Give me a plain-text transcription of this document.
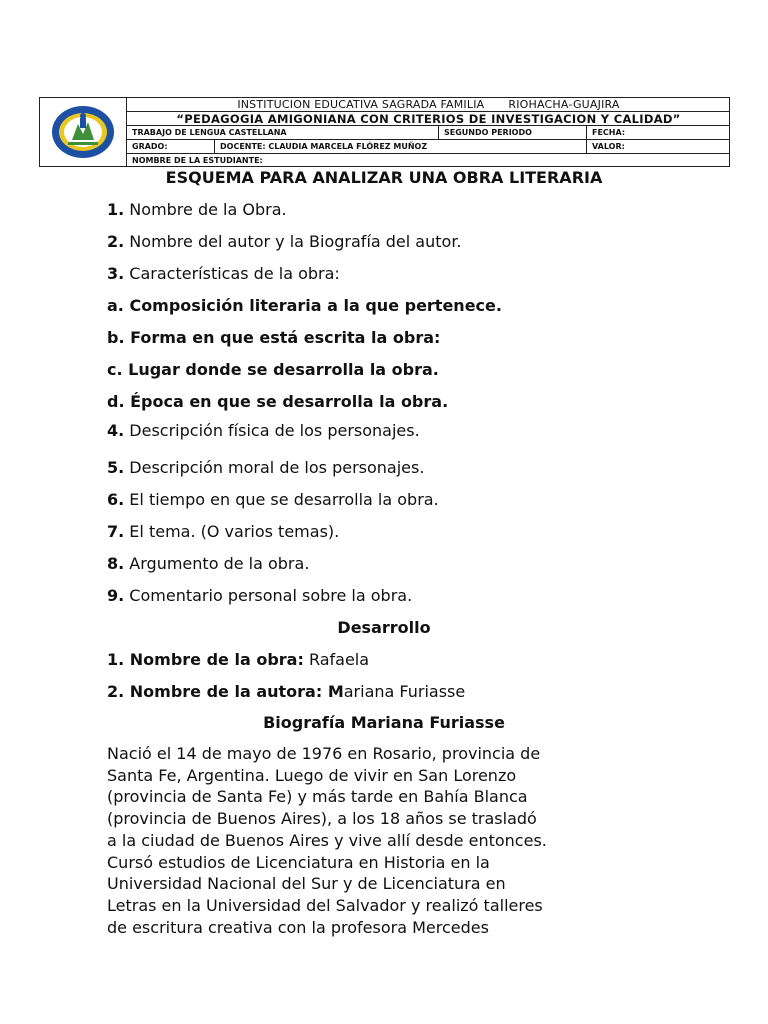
INSTITUCION EDUCATIVA SAGRADA FAMILIA RIOHACHA-GUAJIRA
“PEDAGOGIA AMIGONIANA CON CRITERIOS DE INVESTIGACION Y CALIDAD”
TRABAJO DE LENGUA CASTELLANA	SEGUNDO PERIODO	FECHA:
GRADO:	DOCENTE: CLAUDIA MARCELA FLÓREZ MUÑOZ	VALOR:
NOMBRE DE LA ESTUDIANTE:
ESQUEMA PARA ANALIZAR UNA OBRA LITERARIA

1. Nombre de la Obra.

2. Nombre del autor y la Biografía del autor.

3. Características de la obra:

a. Composición literaria a la que pertenece.

b. Forma en que está escrita la obra:

c. Lugar donde se desarrolla la obra.

d. Época en que se desarrolla la obra.

4. Descripción física de los personajes.

5. Descripción moral de los personajes.

6. El tiempo en que se desarrolla la obra.

7. El tema. (O varios temas).

8. Argumento de la obra.

9. Comentario personal sobre la obra.

Desarrollo

1. Nombre de la obra: Rafaela

2. Nombre de la autora: Mariana Furiasse

Biografía Mariana Furiasse
Nació el 14 de mayo de 1976 en Rosario, provincia de
Santa Fe, Argentina. Luego de vivir en San Lorenzo
(provincia de Santa Fe) y más tarde en Bahía Blanca
(provincia de Buenos Aires), a los 18 años se trasladó
a la ciudad de Buenos Aires y vive allí desde entonces.
Cursó estudios de Licenciatura en Historia en la
Universidad Nacional del Sur y de Licenciatura en
Letras en la Universidad del Salvador y realizó talleres
de escritura creativa con la profesora Mercedes
